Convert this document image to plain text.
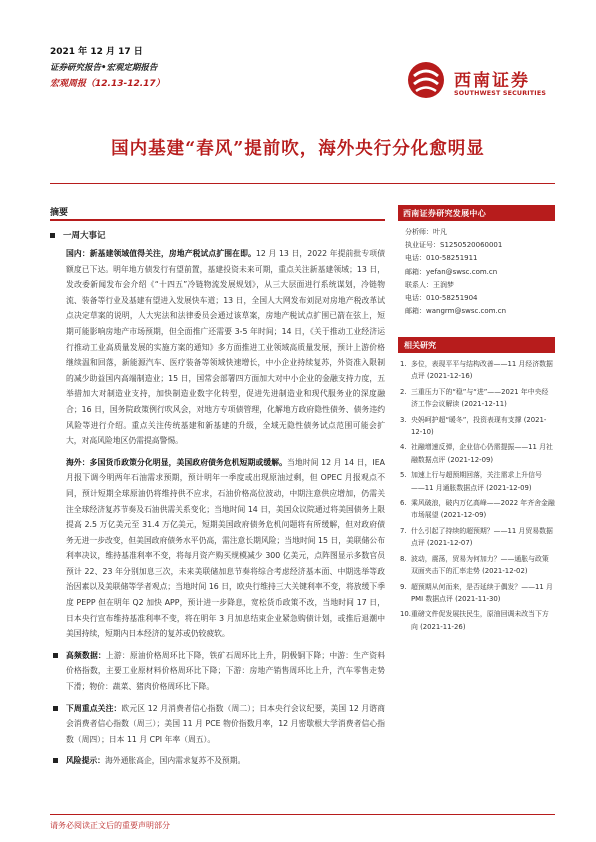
2021 年 12 月 17 日
证券研究报告•宏观定期报告
宏观周报（12.13-12.17）	西南证券
SOUTHWEST SECURITIES
国内基建“春风”提前吹，海外央行分化愈明显
摘要
一周大事记

国内：新基建领域值得关注，房地产税试点扩围在即。12 月 13 日，2022 年提前批专项债额度已下达。明年地方债发行有望前置，基建投资未来可期，重点关注新基建领域；13 日，发改委新闻发布会介绍《“十四五”冷链物流发展规划》，从三大层面进行系统谋划，冷链物流、装备等行业及基建有望进入发展快车道；13 日，全国人大网发布刘昆对房地产税改革试点决定草案的说明，人大宪法和法律委员会通过该草案，房地产税试点扩围已箭在弦上，短期可能影响房地产市场预期，但全面推广还需要 3-5 年时间；14 日，《关于推动工业经济运行推动工业高质量发展的实施方案的通知》多方面推进工业领域高质量发展，预计上游价格继续温和回落，新能源汽车、医疗装备等领域快速增长，中小企业持续复苏，外资准入限制的减少助益国内高端制造业；15 日，国常会部署四方面加大对中小企业的金融支持力度，五举措加大对制造业支持，加快制造业数字化转型，促进先进制造业和现代服务业的深度融合；16 日，国务院政策例行吹风会，对地方专项债管理，化解地方政府隐性债务、债务违约风险等进行介绍。重点关注传统基建和新基建的升级，全域无隐性债务试点范围可能会扩大，对高风险地区仍需提高警惕。

海外：多国货币政策分化明显，美国政府债务危机短期或缓解。当地时间 12 月 14 日，IEA 月报下调今明两年石油需求预期，预计明年一季度或出现原油过剩，但 OPEC 月报观点不同，预计短期全球原油仍将维持供不应求，石油价格高位波动，中期注意供应增加，仍需关注全球经济复苏节奏及石油供需关系变化；当地时间 14 日，美国众议院通过将美国债务上限提高 2.5 万亿美元至 31.4 万亿美元，短期美国政府债务危机问题将有所缓解，但对政府债务无进一步改变，但美国政府债务水平仍高，需注意长期风险；当地时间 15 日，美联储公布利率决议，维持基准利率不变，将每月资产购买规模减少 300 亿美元，点阵图显示多数官员预计 22、23 年分别加息三次，未来美联储加息节奏将综合考虑经济基本面、中期选举等政治因素以及美联储等学者观点；当地时间 16 日，欧央行维持三大关键利率不变，将放缓下季度 PEPP 但在明年 Q2 加快 APP，预计进一步降息，宽松货币政策不改，当地时间 17 日，日本央行宣布维持基准利率不变，将在明年 3 月加息结束企业紧急购债计划，或推后退潮中美国持续，短期内日本经济的复苏或仍较疲软。

高频数据：上游：原油价格周环比下降，铁矿石周环比上升，阴极铜下降；中游：生产资料价格指数，主要工业原材料价格周环比下降；下游：房地产销售周环比上升，汽车零售走势下滑；物价：蔬菜、猪肉价格周环比下降。
下周重点关注：欧元区 12 月消费者信心指数（周二）；日本央行会议纪要，美国 12 月谘商会消费者信心指数（周三）；美国 11 月 PCE 物价指数月率，12 月密歇根大学消费者信心指数（周四）；日本 11 月 CPI 年率（周五）。
风险提示：海外通胀高企，国内需求复苏不及预期。
西南证券研究发展中心
分析师：叶凡
执业证号：S1250520060001
电话：010-58251911
邮箱：yefan@swsc.com.cn
联系人：王润梦
电话：010-58251904
邮箱：wangrm@swsc.com.cn
相关研究
1. 多位，表现平平与结构改善——11 月经济数据点评 (2021-12-16)
2. 三重压力下的“稳”与“进”——2021 年中央经济工作会议解读 (2021-12-11)
3. 央妈呵护超“暖冬”，投资表现有支撑 (2021-12-10)
4. 社融增速反弹，企业信心仍需提振——11 月社融数据点评 (2021-12-09)
5. 加速上行与超预期回落，关注需求上升信号——11 月通胀数据点评 (2021-12-09)
6. 乘风破浪，破内万亿高峰——2022 年齐舍金融市场展望 (2021-12-09)
7. 什么引起了持续的超预期？——11 月贸易数据点评 (2021-12-07)
8. 波动，震荡，贸易为何加力？——通胀与政策双面夹击下的汇率走势 (2021-12-02)
9. 超预期从何而来，是否延续于偶发？——11 月 PMI 数据点评 (2021-11-30)
10. 重磅文件促发展扶民生，原油回调未改当下方向 (2021-11-26)
请务必阅读正文后的重要声明部分
